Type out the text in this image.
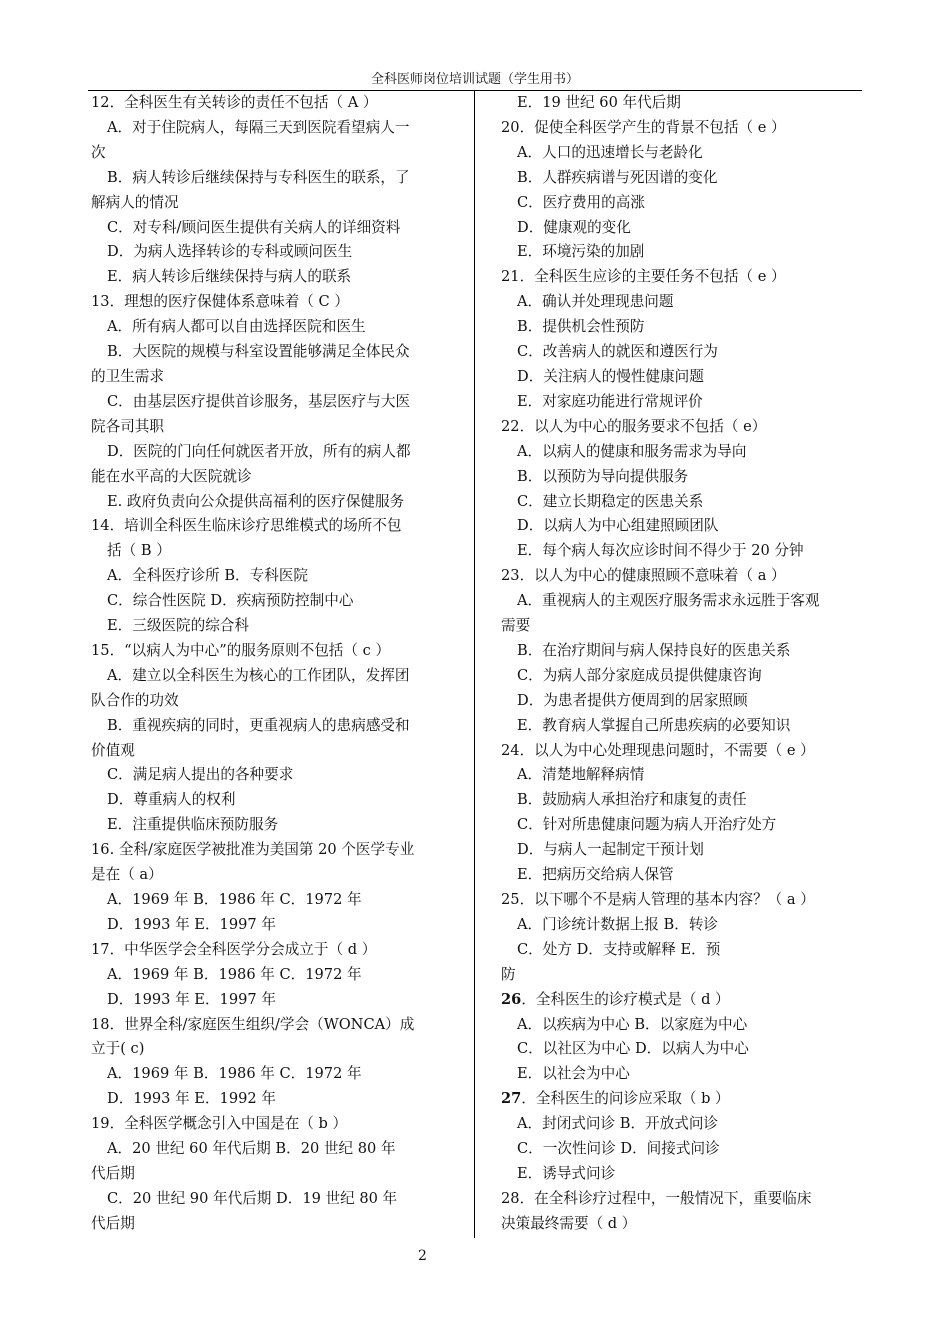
全科医师岗位培训试题（学生用书）
12．全科医生有关转诊的责任不包括（ A ）
A．对于住院病人，每隔三天到医院看望病人一
次
B．病人转诊后继续保持与专科医生的联系，了
解病人的情况
C．对专科/顾问医生提供有关病人的详细资料
D．为病人选择转诊的专科或顾问医生
E．病人转诊后继续保持与病人的联系
13．理想的医疗保健体系意味着（ C ）
A．所有病人都可以自由选择医院和医生
B．大医院的规模与科室设置能够满足全体民众
的卫生需求
C．由基层医疗提供首诊服务，基层医疗与大医
院各司其职
D．医院的门向任何就医者开放，所有的病人都
能在水平高的大医院就诊
E. 政府负责向公众提供高福利的医疗保健服务
14．培训全科医生临床诊疗思维模式的场所不包
括（ B ）
A．全科医疗诊所 B．专科医院
C．综合性医院 D．疾病预防控制中心
E．三级医院的综合科
15．“以病人为中心”的服务原则不包括（ c ）
A．建立以全科医生为核心的工作团队，发挥团
队合作的功效
B．重视疾病的同时，更重视病人的患病感受和
价值观
C．满足病人提出的各种要求
D．尊重病人的权利
E．注重提供临床预防服务
16. 全科/家庭医学被批准为美国第 20 个医学专业
是在（ a）
A．1969 年 B．1986 年 C．1972 年
D．1993 年 E．1997 年
17．中华医学会全科医学分会成立于（ d ）
A．1969 年 B．1986 年 C．1972 年
D．1993 年 E．1997 年
18．世界全科/家庭医生组织/学会（WONCA）成
立于( c)
A．1969 年 B．1986 年 C．1972 年
D．1993 年 E．1992 年
19．全科医学概念引入中国是在（ b ）
A．20 世纪 60 年代后期 B．20 世纪 80 年
代后期
C．20 世纪 90 年代后期 D．19 世纪 80 年
代后期
E．19 世纪 60 年代后期
20．促使全科医学产生的背景不包括（ e ）
A．人口的迅速增长与老龄化
B．人群疾病谱与死因谱的变化
C．医疗费用的高涨
D．健康观的变化
E．环境污染的加剧
21．全科医生应诊的主要任务不包括（ e ）
A．确认并处理现患问题
B．提供机会性预防
C．改善病人的就医和遵医行为
D．关注病人的慢性健康问题
E．对家庭功能进行常规评价
22．以人为中心的服务要求不包括（ e）
A．以病人的健康和服务需求为导向
B．以预防为导向提供服务
C．建立长期稳定的医患关系
D．以病人为中心组建照顾团队
E．每个病人每次应诊时间不得少于 20 分钟
23．以人为中心的健康照顾不意味着（ a ）
A．重视病人的主观医疗服务需求永远胜于客观
需要
B．在治疗期间与病人保持良好的医患关系
C．为病人部分家庭成员提供健康咨询
D．为患者提供方便周到的居家照顾
E．教育病人掌握自己所患疾病的必要知识
24．以人为中心处理现患问题时，不需要（ e ）
A．清楚地解释病情
B．鼓励病人承担治疗和康复的责任
C．针对所患健康问题为病人开治疗处方
D．与病人一起制定干预计划
E．把病历交给病人保管
25．以下哪个不是病人管理的基本内容？（ a ）
A．门诊统计数据上报 B．转诊
C．处方 D．支持或解释 E．预
防
26．全科医生的诊疗模式是（ d ）
A．以疾病为中心 B．以家庭为中心
C．以社区为中心 D．以病人为中心
E．以社会为中心
27．全科医生的问诊应采取（ b ）
A．封闭式问诊 B．开放式问诊
C．一次性问诊 D．间接式问诊
E．诱导式问诊
28．在全科诊疗过程中，一般情况下，重要临床
决策最终需要（ d ）
2
